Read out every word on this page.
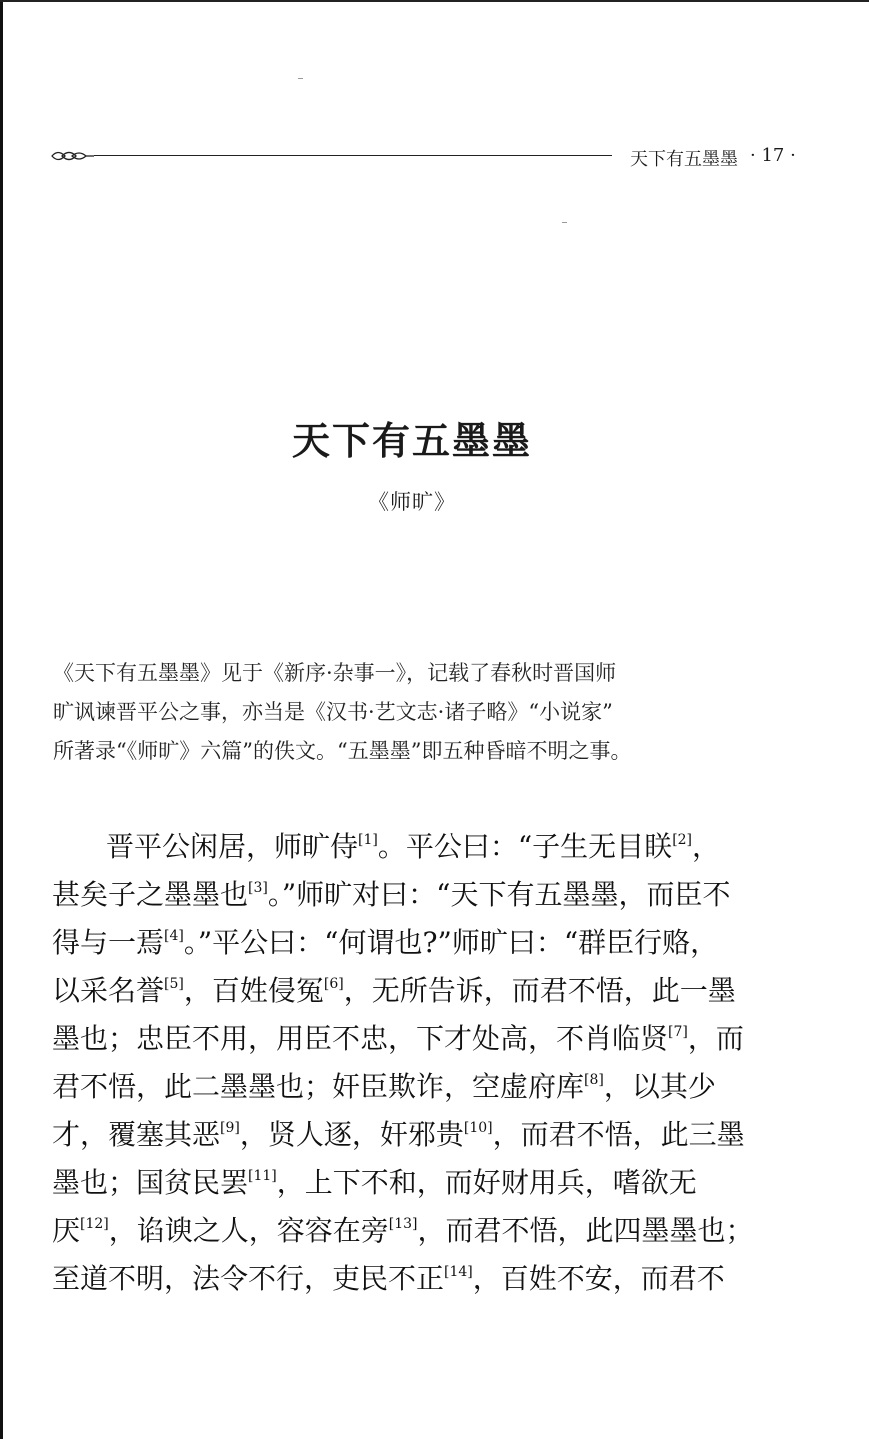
天下有五墨墨 · 17 ·
天下有五墨墨
《师旷》
《天下有五墨墨》见于《新序·杂事一》，记载了春秋时晋国师
旷讽谏晋平公之事，亦当是《汉书·艺文志·诸子略》“小说家”
所著录“《师旷》六篇”的佚文。“五墨墨”即五种昏暗不明之事。
晋平公闲居，师旷侍[1]。平公曰：“子生无目眹[2]，
甚矣子之墨墨也[3]。”师旷对曰：“天下有五墨墨，而臣不
得与一焉[4]。”平公曰：“何谓也?”师旷曰：“群臣行赂，
以采名誉[5]，百姓侵冤[6]，无所告诉，而君不悟，此一墨
墨也；忠臣不用，用臣不忠，下才处高，不肖临贤[7]，而
君不悟，此二墨墨也；奸臣欺诈，空虚府库[8]，以其少
才，覆塞其恶[9]，贤人逐，奸邪贵[10]，而君不悟，此三墨
墨也；国贫民罢[11]，上下不和，而好财用兵，嗜欲无
厌[12]，谄谀之人，容容在旁[13]，而君不悟，此四墨墨也；
至道不明，法令不行，吏民不正[14]，百姓不安，而君不
